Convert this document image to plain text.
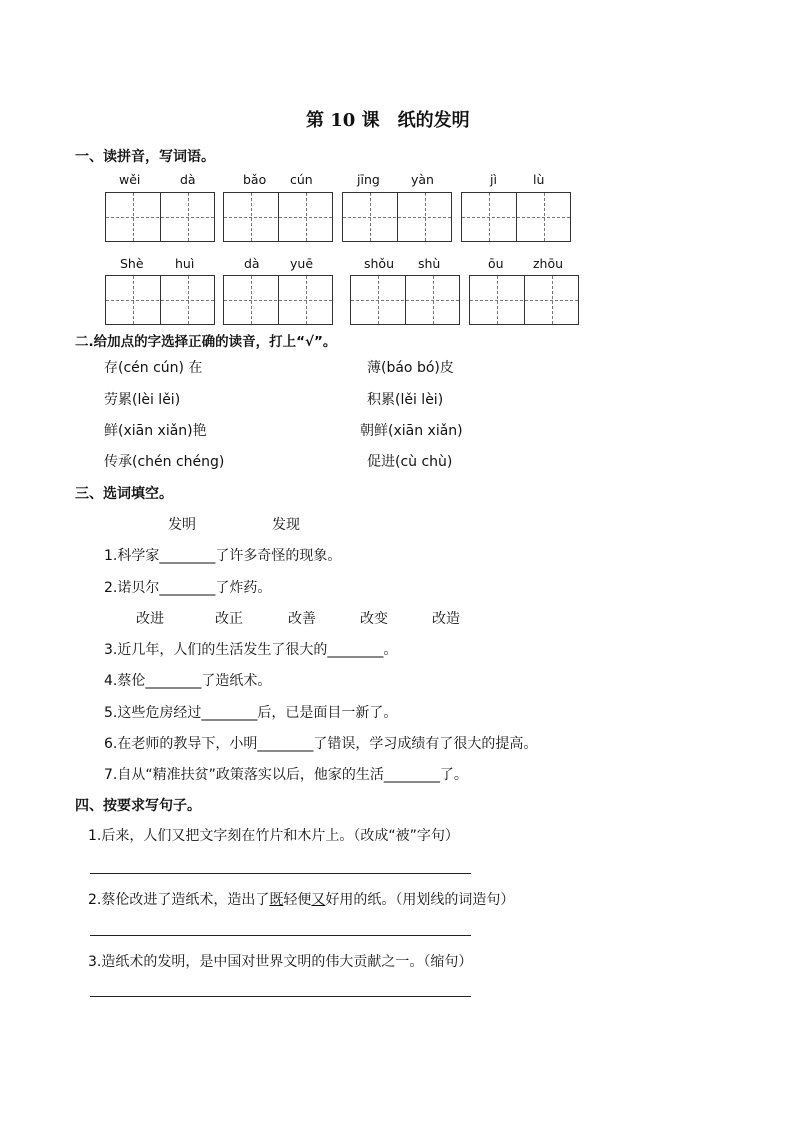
第 10 课　纸的发明
一、读拼音，写词语。
wěi	dà	bǎo cún	jīng yàn	jì	lù
Shè	huì	dà yuē	shǒu shù	ōu zhōu
二.给加点的字选择正确的读音，打上“√”。
存(cén cún) 在	薄(báo bó)皮
劳累(lèi lěi)	积累(lěi lèi)
鲜(xiān xiǎn)艳	朝鲜(xiān xiǎn)
传承(chén chéng)	促进(cù chù)
三、选词填空。
发明	发现
1.科学家________了许多奇怪的现象。
2.诺贝尔________了炸药。
改进	改正	改善	改变	改造
3.近几年，人们的生活发生了很大的________。
4.蔡伦________了造纸术。
5.这些危房经过________后，已是面目一新了。
6.在老师的教导下，小明________了错误，学习成绩有了很大的提高。
7.自从“精准扶贫”政策落实以后，他家的生活________了。
四、按要求写句子。
1.后来，人们又把文字刻在竹片和木片上。（改成“被”字句）
2.蔡伦改进了造纸术，造出了既轻便又好用的纸。（用划线的词造句）
3.造纸术的发明，是中国对世界文明的伟大贡献之一。（缩句）
